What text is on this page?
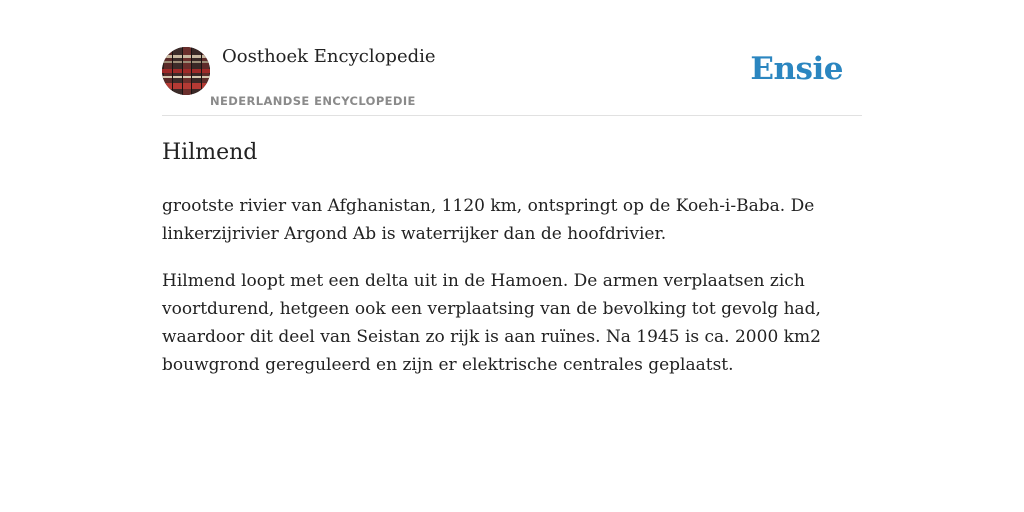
Oosthoek Encyclopedie
NEDERLANDSE ENCYCLOPEDIE
Ensie
Hilmend

grootste rivier van Afghanistan, 1120 km, ontspringt op de Koeh-i-Baba. De linkerzijrivier Argond Ab is waterrijker dan de hoofdrivier.

Hilmend loopt met een delta uit in de Hamoen. De armen verplaatsen zich voortdurend, hetgeen ook een verplaatsing van de bevolking tot gevolg had, waardoor dit deel van Seistan zo rijk is aan ruïnes. Na 1945 is ca. 2000 km2 bouwgrond gereguleerd en zijn er elektrische centrales geplaatst.
